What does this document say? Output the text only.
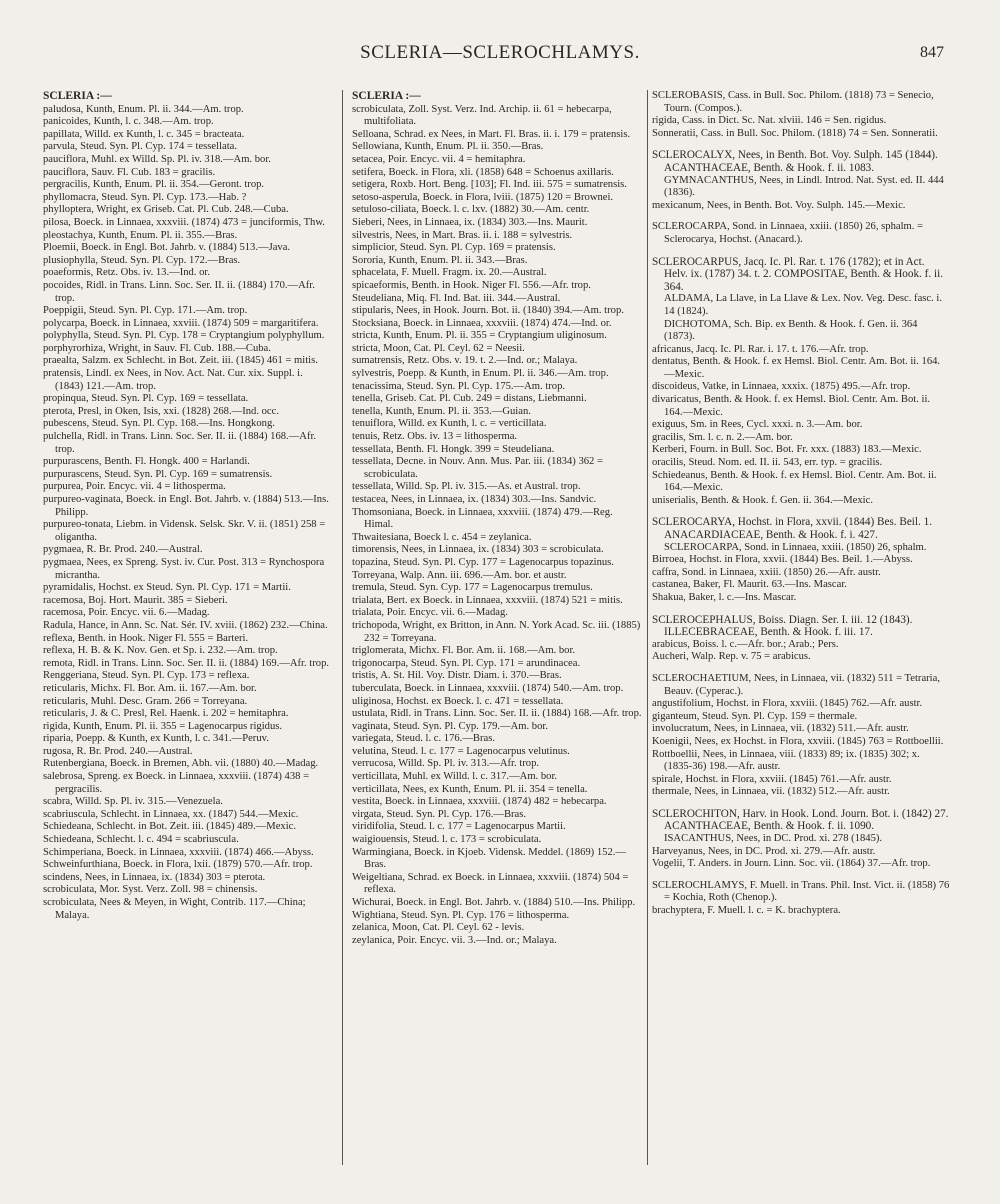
SCLERIA—SCLEROCHLAMYS.	847
SCLERIA :—

paludosa, Kunth, Enum. Pl. ii. 344.—Am. trop.

panicoides, Kunth, l. c. 348.—Am. trop.

papillata, Willd. ex Kunth, l. c. 345 = bracteata.

parvula, Steud. Syn. Pl. Cyp. 174 = tessellata.

pauciflora, Muhl. ex Willd. Sp. Pl. iv. 318.—Am. bor.

pauciflora, Sauv. Fl. Cub. 183 = gracilis.

pergracilis, Kunth, Enum. Pl. ii. 354.—Geront. trop.

phyllomacra, Steud. Syn. Pl. Cyp. 173.—Hab. ?

phylloptera, Wright, ex Griseb. Cat. Pl. Cub. 248.—Cuba.

pilosa, Boeck. in Linnaea, xxxviii. (1874) 473 = junciformis, Thw.

pleostachya, Kunth, Enum. Pl. ii. 355.—Bras.

Ploemii, Boeck. in Engl. Bot. Jahrb. v. (1884) 513.—Java.

plusiophylla, Steud. Syn. Pl. Cyp. 172.—Bras.

poaeformis, Retz. Obs. iv. 13.—Ind. or.

pocoides, Ridl. in Trans. Linn. Soc. Ser. II. ii. (1884) 170.—Afr. trop.

Poeppigii, Steud. Syn. Pl. Cyp. 171.—Am. trop.

polycarpa, Boeck. in Linnaea, xxviii. (1874) 509 = margaritifera.

polyphylla, Steud. Syn. Pl. Cyp. 178 = Cryptangium polyphyllum.

porphyrorhiza, Wright, in Sauv. Fl. Cub. 188.—Cuba.

praealta, Salzm. ex Schlecht. in Bot. Zeit. iii. (1845) 461 = mitis.

pratensis, Lindl. ex Nees, in Nov. Act. Nat. Cur. xix. Suppl. i. (1843) 121.—Am. trop.

propinqua, Steud. Syn. Pl. Cyp. 169 = tessellata.

pterota, Presl, in Oken, Isis, xxi. (1828) 268.—Ind. occ.

pubescens, Steud. Syn. Pl. Cyp. 168.—Ins. Hongkong.

pulchella, Ridl. in Trans. Linn. Soc. Ser. II. ii. (1884) 168.—Afr. trop.

purpurascens, Benth. Fl. Hongk. 400 = Harlandi.

purpurascens, Steud. Syn. Pl. Cyp. 169 = sumatrensis.

purpurea, Poir. Encyc. vii. 4 = lithosperma.

purpureo-vaginata, Boeck. in Engl. Bot. Jahrb. v. (1884) 513.—Ins. Philipp.

purpureo-tonata, Liebm. in Vidensk. Selsk. Skr. V. ii. (1851) 258 = oligantha.

pygmaea, R. Br. Prod. 240.—Austral.

pygmaea, Nees, ex Spreng. Syst. iv. Cur. Post. 313 = Rynchospora micrantha.

pyramidalis, Hochst. ex Steud. Syn. Pl. Cyp. 171 = Martii.

racemosa, Boj. Hort. Maurit. 385 = Sieberi.

racemosa, Poir. Encyc. vii. 6.—Madag.

Radula, Hance, in Ann. Sc. Nat. Sér. IV. xviii. (1862) 232.—China.

reflexa, Benth. in Hook. Niger Fl. 555 = Barteri.

reflexa, H. B. & K. Nov. Gen. et Sp. i. 232.—Am. trop.

remota, Ridl. in Trans. Linn. Soc. Ser. II. ii. (1884) 169.—Afr. trop.

Renggeriana, Steud. Syn. Pl. Cyp. 173 = reflexa.

reticularis, Michx. Fl. Bor. Am. ii. 167.—Am. bor.

reticularis, Muhl. Desc. Gram. 266 = Torreyana.

reticularis, J. & C. Presl, Rel. Haenk. i. 202 = hemitaphra.

rigida, Kunth, Enum. Pl. ii. 355 = Lagenocarpus rigidus.

riparia, Poepp. & Kunth, ex Kunth, l. c. 341.—Peruv.

rugosa, R. Br. Prod. 240.—Austral.

Rutenbergiana, Boeck. in Bremen, Abh. vii. (1880) 40.—Madag.

salebrosa, Spreng. ex Boeck. in Linnaea, xxxviii. (1874) 438 = pergracilis.

scabra, Willd. Sp. Pl. iv. 315.—Venezuela.

scabriuscula, Schlecht. in Linnaea, xx. (1847) 544.—Mexic.

Schiedeana, Schlecht. in Bot. Zeit. iii. (1845) 489.—Mexic.

Schiedeana, Schlecht. l. c. 494 = scabriuscula.

Schimperiana, Boeck. in Linnaea, xxxviii. (1874) 466.—Abyss.

Schweinfurthiana, Boeck. in Flora, lxii. (1879) 570.—Afr. trop.

scindens, Nees, in Linnaea, ix. (1834) 303 = pterota.

scrobiculata, Mor. Syst. Verz. Zoll. 98 = chinensis.

scrobiculata, Nees & Meyen, in Wight, Contrib. 117.—China; Malaya.

SCLERIA :—

scrobiculata, Zoll. Syst. Verz. Ind. Archip. ii. 61 = hebecarpa, multifoliata.

Selloana, Schrad. ex Nees, in Mart. Fl. Bras. ii. i. 179 = pratensis.

Sellowiana, Kunth, Enum. Pl. ii. 350.—Bras.

setacea, Poir. Encyc. vii. 4 = hemitaphra.

setifera, Boeck. in Flora, xli. (1858) 648 = Schoenus axillaris.

setigera, Roxb. Hort. Beng. [103]; Fl. Ind. iii. 575 = sumatrensis.

setoso-asperula, Boeck. in Flora, lviii. (1875) 120 = Brownei.

setuloso-ciliata, Boeck. l. c. lxv. (1882) 30.—Am. centr.

Sieberi, Nees, in Linnaea, ix. (1834) 303.—Ins. Maurit.

silvestris, Nees, in Mart. Bras. ii. i. 188 = sylvestris.

simplicior, Steud. Syn. Pl. Cyp. 169 = pratensis.

Sororia, Kunth, Enum. Pl. ii. 343.—Bras.

sphacelata, F. Muell. Fragm. ix. 20.—Austral.

spicaeformis, Benth. in Hook. Niger Fl. 556.—Afr. trop.

Steudeliana, Miq. Fl. Ind. Bat. iii. 344.—Austral.

stipularis, Nees, in Hook. Journ. Bot. ii. (1840) 394.—Am. trop.

Stocksiana, Boeck. in Linnaea, xxxviii. (1874) 474.—Ind. or.

stricta, Kunth, Enum. Pl. ii. 355 = Cryptangium uliginosum.

stricta, Moon, Cat. Pl. Ceyl. 62 = Neesii.

sumatrensis, Retz. Obs. v. 19. t. 2.—Ind. or.; Malaya.

sylvestris, Poepp. & Kunth, in Enum. Pl. ii. 346.—Am. trop.

tenacissima, Steud. Syn. Pl. Cyp. 175.—Am. trop.

tenella, Griseb. Cat. Pl. Cub. 249 = distans, Liebmanni.

tenella, Kunth, Enum. Pl. ii. 353.—Guian.

tenuiflora, Willd. ex Kunth, l. c. = verticillata.

tenuis, Retz. Obs. iv. 13 = lithosperma.

tessellata, Benth. Fl. Hongk. 399 = Steudeliana.

tessellata, Decne. in Nouv. Ann. Mus. Par. iii. (1834) 362 = scrobiculata.

tessellata, Willd. Sp. Pl. iv. 315.—As. et Austral. trop.

testacea, Nees, in Linnaea, ix. (1834) 303.—Ins. Sandvic.

Thomsoniana, Boeck. in Linnaea, xxxviii. (1874) 479.—Reg. Himal.

Thwaitesiana, Boeck l. c. 454 = zeylanica.

timorensis, Nees, in Linnaea, ix. (1834) 303 = scrobiculata.

topazina, Steud. Syn. Pl. Cyp. 177 = Lagenocarpus topazinus.

Torreyana, Walp. Ann. iii. 696.—Am. bor. et austr.

tremula, Steud. Syn. Cyp. 177 = Lagenocarpus tremulus.

trialata, Bert. ex Boeck. in Linnaea, xxxviii. (1874) 521 = mitis.

trialata, Poir. Encyc. vii. 6.—Madag.

trichopoda, Wright, ex Britton, in Ann. N. York Acad. Sc. iii. (1885) 232 = Torreyana.

triglomerata, Michx. Fl. Bor. Am. ii. 168.—Am. bor.

trigonocarpa, Steud. Syn. Pl. Cyp. 171 = arundinacea.

tristis, A. St. Hil. Voy. Distr. Diam. i. 370.—Bras.

tuberculata, Boeck. in Linnaea, xxxviii. (1874) 540.—Am. trop.

uliginosa, Hochst. ex Boeck. l. c. 471 = tessellata.

ustulata, Ridl. in Trans. Linn. Soc. Ser. II. ii. (1884) 168.—Afr. trop.

vaginata, Steud. Syn. Pl. Cyp. 179.—Am. bor.

variegata, Steud. l. c. 176.—Bras.

velutina, Steud. l. c. 177 = Lagenocarpus velutinus.

verrucosa, Willd. Sp. Pl. iv. 313.—Afr. trop.

verticillata, Muhl. ex Willd. l. c. 317.—Am. bor.

verticillata, Nees, ex Kunth, Enum. Pl. ii. 354 = tenella.

vestita, Boeck. in Linnaea, xxxviii. (1874) 482 = hebecarpa.

virgata, Steud. Syn. Pl. Cyp. 176.—Bras.

viridifolia, Steud. l. c. 177 = Lagenocarpus Martii.

waigiouensis, Steud. l. c. 173 = scrobiculata.

Warmingiana, Boeck. in Kjoeb. Vidensk. Meddel. (1869) 152.—Bras.

Weigeltiana, Schrad. ex Boeck. in Linnaea, xxxviii. (1874) 504 = reflexa.

Wichurai, Boeck. in Engl. Bot. Jahrb. v. (1884) 510.—Ins. Philipp.

Wightiana, Steud. Syn. Pl. Cyp. 176 = lithosperma.

zelanica, Moon, Cat. Pl. Ceyl. 62 - levis.

zeylanica, Poir. Encyc. vii. 3.—Ind. or.; Malaya.

SCLEROBASIS, Cass. in Bull. Soc. Philom. (1818) 73 = Senecio, Tourn. (Compos.).

rigida, Cass. in Dict. Sc. Nat. xlviii. 146 = Sen. rigidus.

Sonneratii, Cass. in Bull. Soc. Philom. (1818) 74 = Sen. Sonneratii.

SCLEROCALYX, Nees, in Benth. Bot. Voy. Sulph. 145 (1844). ACANTHACEAE, Benth. & Hook. f. ii. 1083.

GYMNACANTHUS, Nees, in Lindl. Introd. Nat. Syst. ed. II. 444 (1836).

mexicanum, Nees, in Benth. Bot. Voy. Sulph. 145.—Mexic.

SCLEROCARPA, Sond. in Linnaea, xxiii. (1850) 26, sphalm. = Sclerocarya, Hochst. (Anacard.).

SCLEROCARPUS, Jacq. Ic. Pl. Rar. t. 176 (1782); et in Act. Helv. ix. (1787) 34. t. 2. COMPOSITAE, Benth. & Hook. f. ii. 364.

ALDAMA, La Llave, in La Llave & Lex. Nov. Veg. Desc. fasc. i. 14 (1824).

DICHOTOMA, Sch. Bip. ex Benth. & Hook. f. Gen. ii. 364 (1873).

africanus, Jacq. Ic. Pl. Rar. i. 17. t. 176.—Afr. trop.

dentatus, Benth. & Hook. f. ex Hemsl. Biol. Centr. Am. Bot. ii. 164.—Mexic.

discoideus, Vatke, in Linnaea, xxxix. (1875) 495.—Afr. trop.

divaricatus, Benth. & Hook. f. ex Hemsl. Biol. Centr. Am. Bot. ii. 164.—Mexic.

exiguus, Sm. in Rees, Cycl. xxxi. n. 3.—Am. bor.

gracilis, Sm. l. c. n. 2.—Am. bor.

Kerberi, Fourn. in Bull. Soc. Bot. Fr. xxx. (1883) 183.—Mexic.

oracilis, Steud. Nom. ed. II. ii. 543, err. typ. = gracilis.

Schiedeanus, Benth. & Hook. f. ex Hemsl. Biol. Centr. Am. Bot. ii. 164.—Mexic.

uniserialis, Benth. & Hook. f. Gen. ii. 364.—Mexic.

SCLEROCARYA, Hochst. in Flora, xxvii. (1844) Bes. Beil. 1. ANACARDIACEAE, Benth. & Hook. f. i. 427.

SCLEROCARPA, Sond. in Linnaea, xxiii. (1850) 26, sphalm.

Birroea, Hochst. in Flora, xxvii. (1844) Bes. Beil. 1.—Abyss.

caffra, Sond. in Linnaea, xxiii. (1850) 26.—Afr. austr.

castanea, Baker, Fl. Maurit. 63.—Ins. Mascar.

Shakua, Baker, l. c.—Ins. Mascar.

SCLEROCEPHALUS, Boiss. Diagn. Ser. I. iii. 12 (1843). ILLECEBRACEAE, Benth. & Hook. f. iii. 17.

arabicus, Boiss. l. c.—Afr. bor.; Arab.; Pers.

Aucheri, Walp. Rep. v. 75 = arabicus.

SCLEROCHAETIUM, Nees, in Linnaea, vii. (1832) 511 = Tetraria, Beauv. (Cyperac.).

angustifolium, Hochst. in Flora, xxviii. (1845) 762.—Afr. austr.

giganteum, Steud. Syn. Pl. Cyp. 159 = thermale.

involucratum, Nees, in Linnaea, vii. (1832) 511.—Afr. austr.

Koenigii, Nees, ex Hochst. in Flora, xxviii. (1845) 763 = Rottboellii.

Rottboellii, Nees, in Linnaea, viii. (1833) 89; ix. (1835) 302; x. (1835-36) 198.—Afr. austr.

spirale, Hochst. in Flora, xxviii. (1845) 761.—Afr. austr.

thermale, Nees, in Linnaea, vii. (1832) 512.—Afr. austr.

SCLEROCHITON, Harv. in Hook. Lond. Journ. Bot. i. (1842) 27. ACANTHACEAE, Benth. & Hook. f. ii. 1090.

ISACANTHUS, Nees, in DC. Prod. xi. 278 (1845).

Harveyanus, Nees, in DC. Prod. xi. 279.—Afr. austr.

Vogelii, T. Anders. in Journ. Linn. Soc. vii. (1864) 37.—Afr. trop.

SCLEROCHLAMYS, F. Muell. in Trans. Phil. Inst. Vict. ii. (1858) 76 = Kochia, Roth (Chenop.).

brachyptera, F. Muell. l. c. = K. brachyptera.
